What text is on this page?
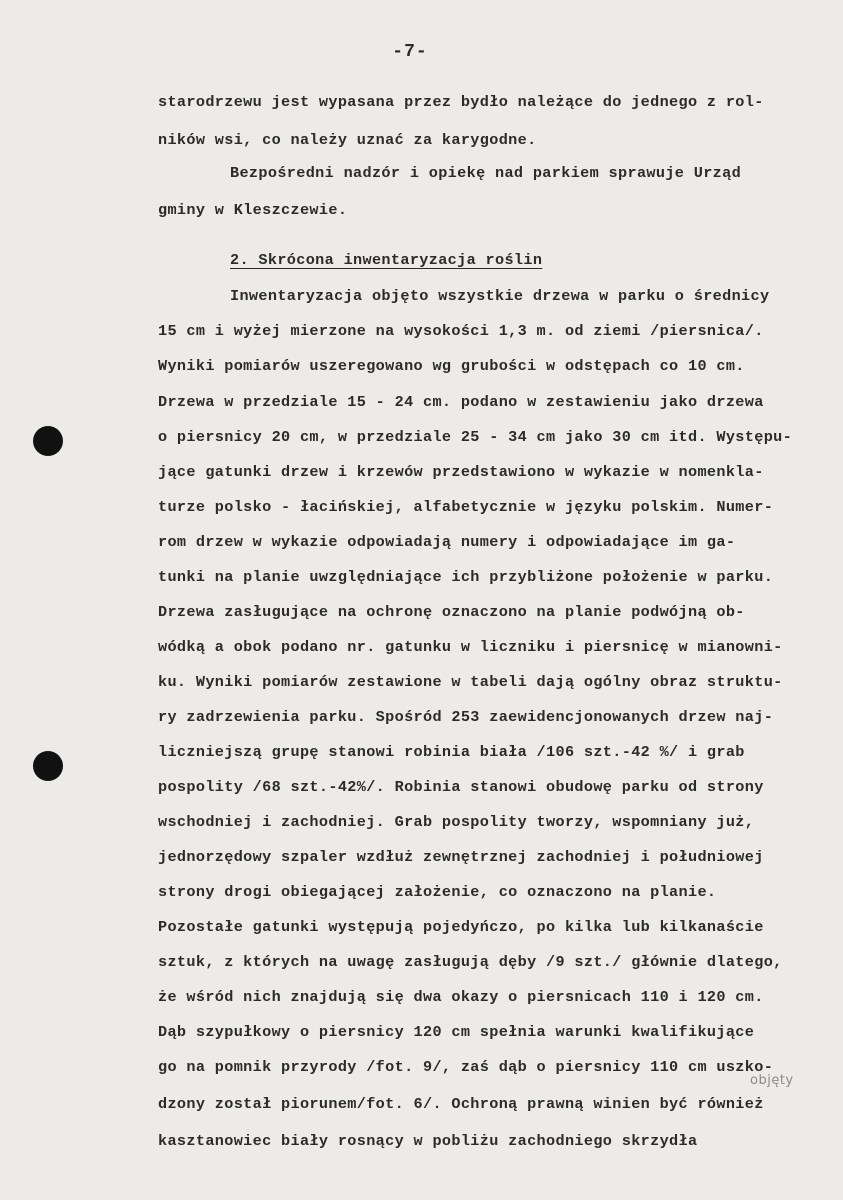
-7-
starodrzewu jest wypasana przez bydło należące do jednego z rol-
ników wsi, co należy uznać za karygodne.
Bezpośredni nadzór i opiekę nad parkiem sprawuje Urząd
gminy w Kleszczewie.
2. Skrócona inwentaryzacja roślin
Inwentaryzacja objęto wszystkie drzewa w parku o średnicy
15 cm i wyżej mierzone na wysokości 1,3 m. od ziemi /piersnica/.
Wyniki pomiarów uszeregowano wg grubości w odstępach co 10 cm.
Drzewa w przedziale 15 - 24 cm. podano w zestawieniu jako drzewa
o piersnicy 20 cm, w przedziale 25 - 34 cm jako 30 cm itd. Występu-
jące gatunki drzew i krzewów przedstawiono w wykazie w nomenkla-
turze polsko - łacińskiej, alfabetycznie w języku polskim. Numer-
rom drzew w wykazie odpowiadają numery i odpowiadające im ga-
tunki na planie uwzględniające ich przybliżone położenie w parku.
Drzewa zasługujące na ochronę oznaczono na planie podwójną ob-
wódką a obok podano nr. gatunku w liczniku i piersnicę w mianowni-
ku. Wyniki pomiarów zestawione w tabeli dają ogólny obraz struktu-
ry zadrzewienia parku. Spośród 253 zaewidencjonowanych drzew naj-
liczniejszą grupę stanowi robinia biała /106 szt.-42 %/ i grab
pospolity /68 szt.-42%/. Robinia stanowi obudowę parku od strony
wschodniej i zachodniej. Grab pospolity tworzy, wspomniany już,
jednorzędowy szpaler wzdłuż zewnętrznej zachodniej i południowej
strony drogi obiegającej założenie, co oznaczono na planie.
Pozostałe gatunki występują pojedyńczo, po kilka lub kilkanaście
sztuk, z których na uwagę zasługują dęby /9 szt./ głównie dlatego,
że wśród nich znajdują się dwa okazy o piersnicach 110 i 120 cm.
Dąb szypułkowy o piersnicy 120 cm spełnia warunki kwalifikujące
go na pomnik przyrody /fot. 9/, zaś dąb o piersnicy 110 cm uszko-
dzony został piorunem/fot. 6/. Ochroną prawną winien być również
kasztanowiec biały rosnący w pobliżu zachodniego skrzydła
objęty
